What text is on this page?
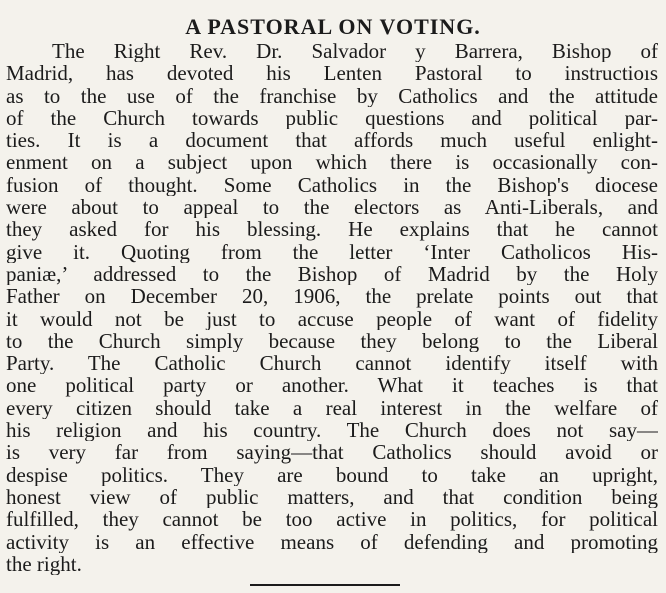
A PASTORAL ON VOTING.
The Right Rev. Dr. Salvador y Barrera, Bishop of
Madrid, has devoted his Lenten Pastoral to instructioıs
as to the use of the franchise by Catholics and the attitude
of the Church towards public questions and political par-
ties. It is a document that affords much useful enlight-
enment on a subject upon which there is occasionally con-
fusion of thought. Some Catholics in the Bishop's diocese
were about to appeal to the electors as Anti-Liberals, and
they asked for his blessing. He explains that he cannot
give it. Quoting from the letter ‘Inter Catholicos His-
paniæ,’ addressed to the Bishop of Madrid by the Holy
Father on December 20, 1906, the prelate points out that
it would not be just to accuse people of want of fidelity
to the Church simply because they belong to the Liberal
Party. The Catholic Church cannot identify itself with
one political party or another. What it teaches is that
every citizen should take a real interest in the welfare of
his religion and his country. The Church does not say—
is very far from saying—that Catholics should avoid or
despise politics. They are bound to take an upright,
honest view of public matters, and that condition being
fulfilled, they cannot be too active in politics, for political
activity is an effective means of defending and promoting
the right.
